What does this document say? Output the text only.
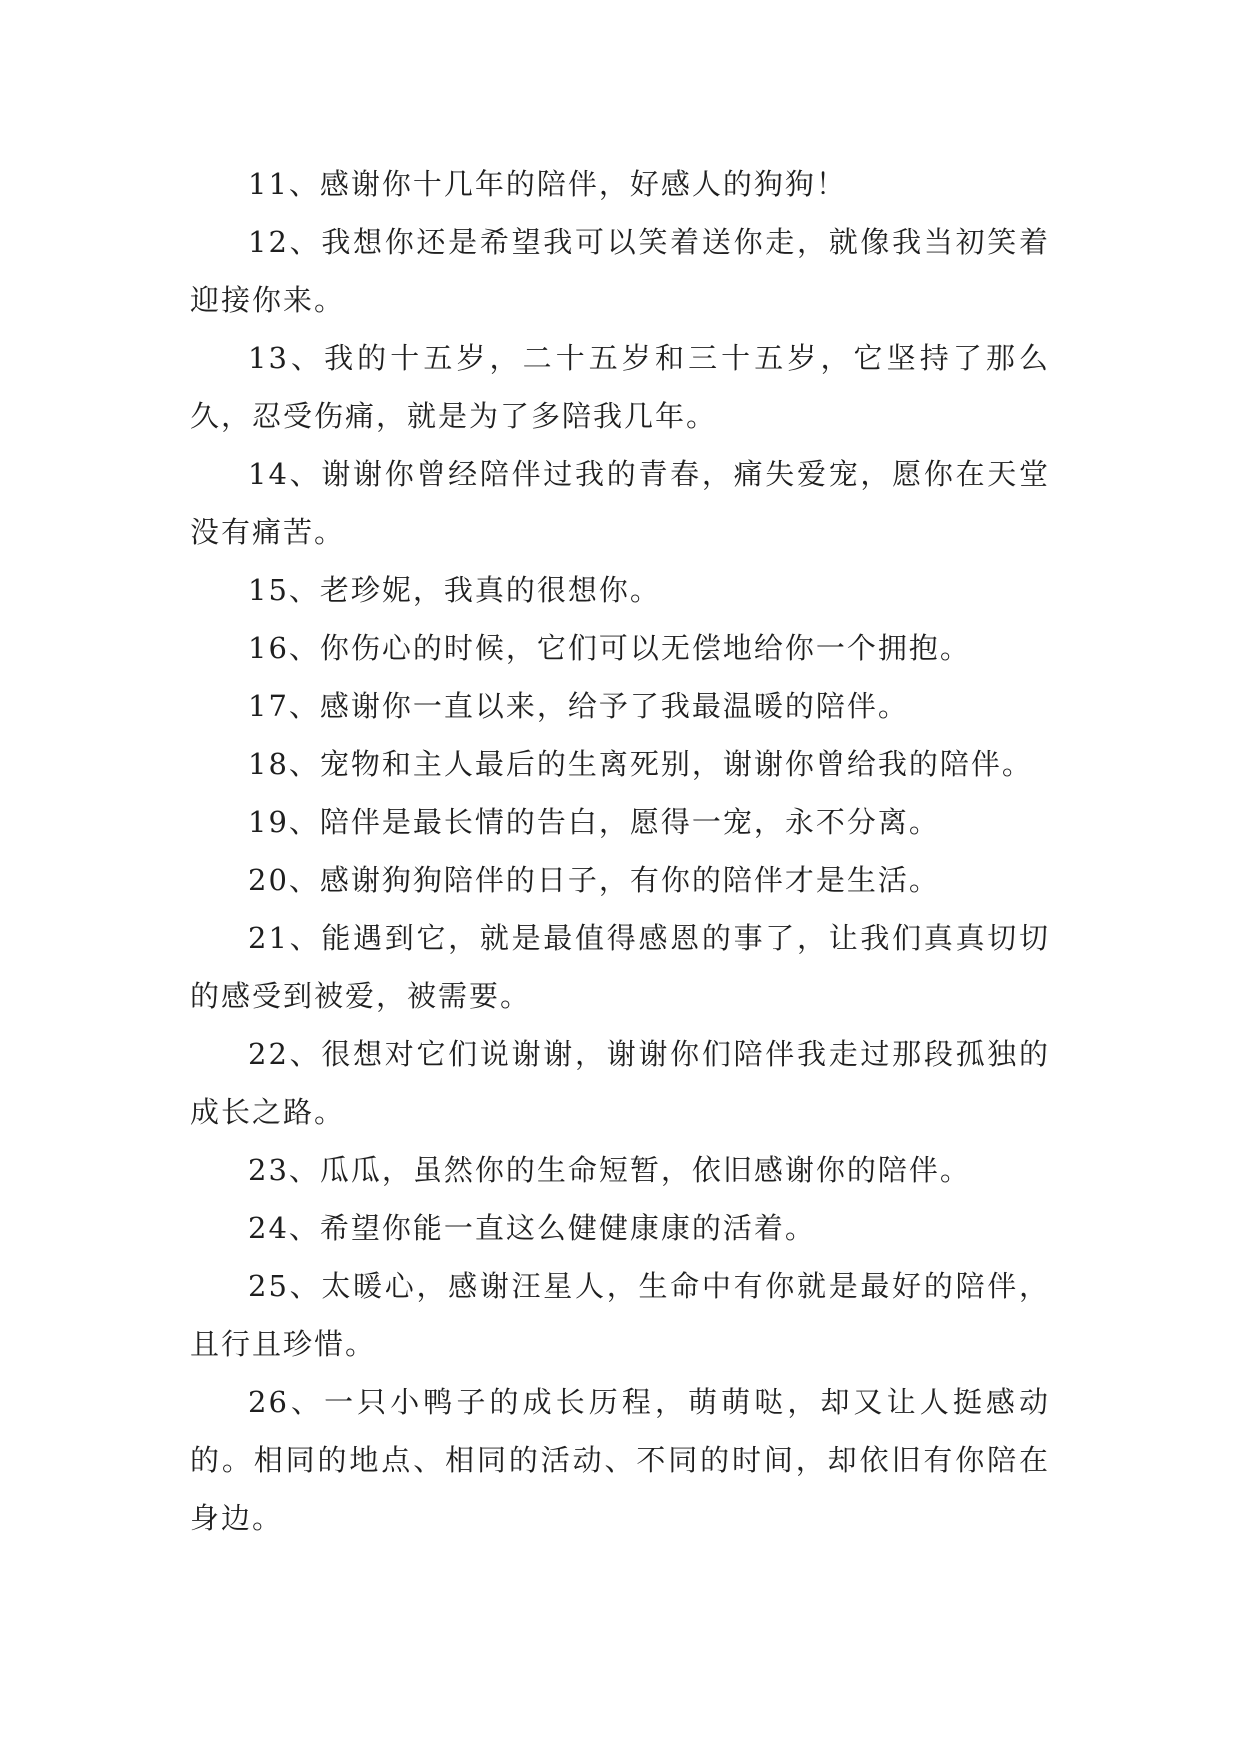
11、感谢你十几年的陪伴，好感人的狗狗！

12、我想你还是希望我可以笑着送你走，就像我当初笑着迎接你来。

13、我的十五岁，二十五岁和三十五岁，它坚持了那么久，忍受伤痛，就是为了多陪我几年。

14、谢谢你曾经陪伴过我的青春，痛失爱宠，愿你在天堂没有痛苦。

15、老珍妮，我真的很想你。

16、你伤心的时候，它们可以无偿地给你一个拥抱。

17、感谢你一直以来，给予了我最温暖的陪伴。

18、宠物和主人最后的生离死别，谢谢你曾给我的陪伴。

19、陪伴是最长情的告白，愿得一宠，永不分离。

20、感谢狗狗陪伴的日子，有你的陪伴才是生活。

21、能遇到它，就是最值得感恩的事了，让我们真真切切的感受到被爱，被需要。

22、很想对它们说谢谢，谢谢你们陪伴我走过那段孤独的成长之路。

23、瓜瓜，虽然你的生命短暂，依旧感谢你的陪伴。

24、希望你能一直这么健健康康的活着。

25、太暖心，感谢汪星人，生命中有你就是最好的陪伴，且行且珍惜。

26、一只小鸭子的成长历程，萌萌哒，却又让人挺感动的。相同的地点、相同的活动、不同的时间，却依旧有你陪在身边。
